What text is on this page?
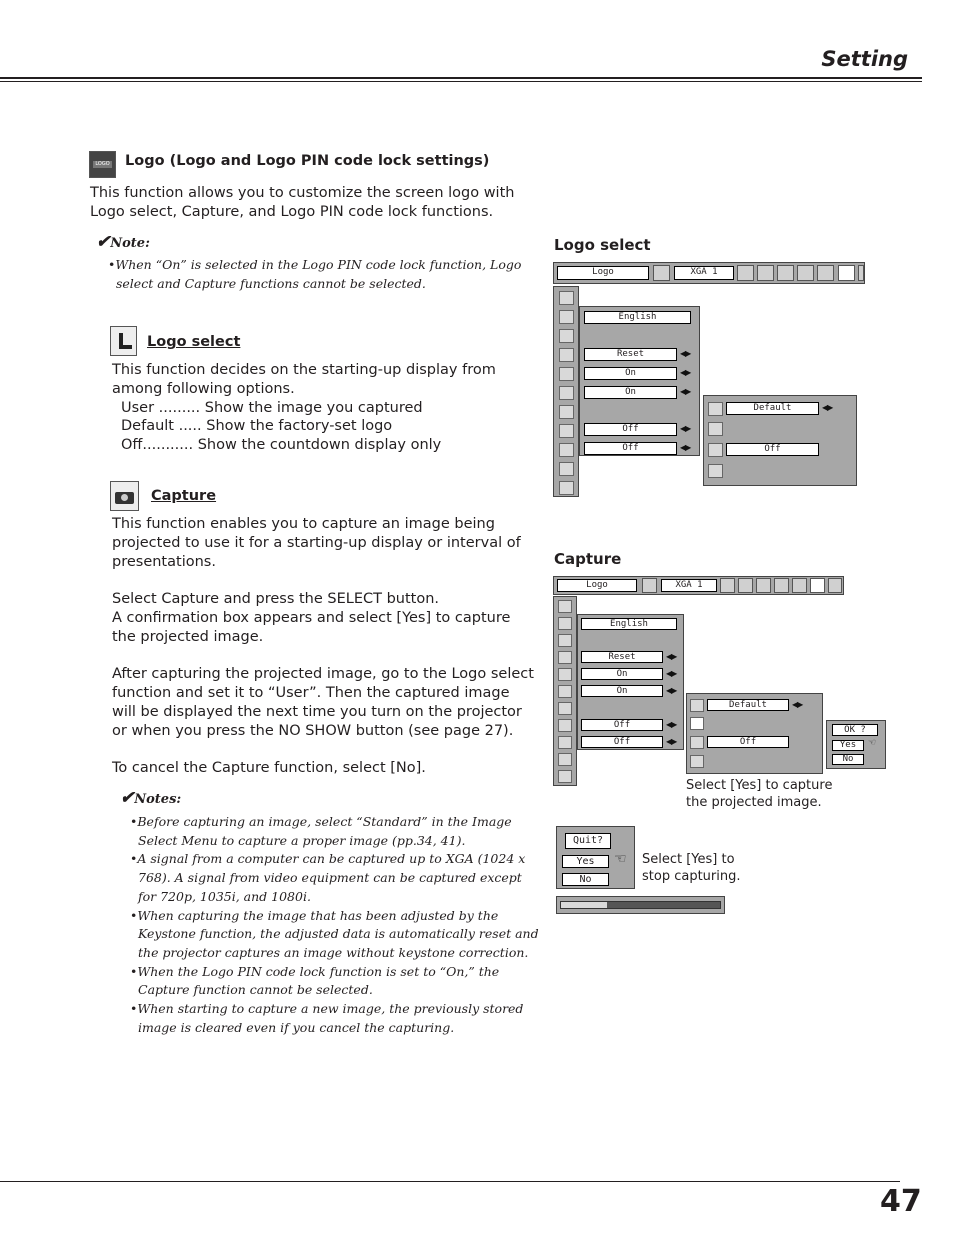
Setting
LOGO Logo (Logo and Logo PIN code lock settings)
This function allows you to customize the screen logo with
Logo select, Capture, and Logo PIN code lock functions.
✔Note:
•When “On” is selected in the Logo PIN code lock function, Logo
select and Capture functions cannot be selected.
Logo select
This function decides on the starting-up display from
among following options.
User ......... Show the image you captured
Default ..... Show the factory-set logo
Off........... Show the countdown display only
Capture
This function enables you to capture an image being
projected to use it for a starting-up display or interval of
presentations.
Select Capture and press the SELECT button.
A confirmation box appears and select [Yes] to capture
the projected image.
After capturing the projected image, go to the Logo select
function and set it to “User”. Then the captured image
will be displayed the next time you turn on the projector
or when you press the NO SHOW button (see page 27).
To cancel the Capture function, select [No].
✔Notes:
•Before capturing an image, select “Standard” in the Image
Select Menu to capture a proper image (pp.34, 41).
•A signal from a computer can be captured up to XGA (1024 x
768). A signal from video equipment can be captured except
for 720p, 1035i, and 1080i.
•When capturing the image that has been adjusted by the
Keystone function, the adjusted data is automatically reset and
the projector captures an image without keystone correction.
•When the Logo PIN code lock function is set to “On,” the
Capture function cannot be selected.
•When starting to capture a new image, the previously stored
image is cleared even if you cancel the capturing.
Logo select
Logo	XGA 1
English
Reset	◀▶
On	◀▶
On	◀▶
Off	◀▶
Off	◀▶
Default	◀▶
Off
Capture
Logo	XGA 1
English
Reset	◀▶
On	◀▶
On	◀▶
Off	◀▶
Off	◀▶
Default	◀▶
Off
OK ?
Yes	☜
No
Select [Yes] to capture
the projected image.
Quit?
Yes	☜
No
Select [Yes] to
stop capturing.
47
